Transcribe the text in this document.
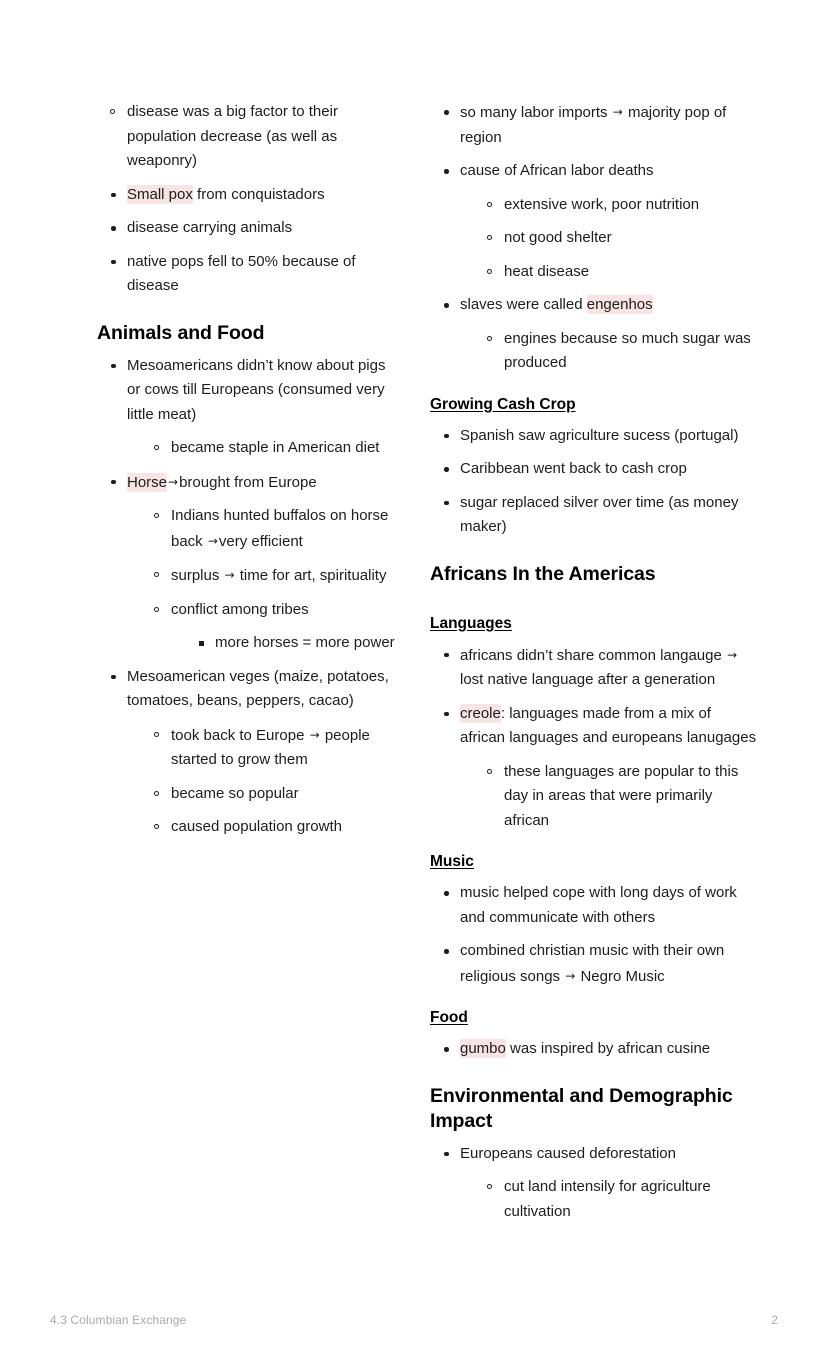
disease was a big factor to their population decrease (as well as weaponry)
Small pox from conquistadors
disease carrying animals
native pops fell to 50% because of disease
Animals and Food
Mesoamericans didn’t know about pigs or cows till Europeans (consumed very little meat)
became staple in American diet
Horse→brought from Europe
Indians hunted buffalos on horse back →very efficient
surplus → time for art, spirituality
conflict among tribes
more horses = more power
Mesoamerican veges (maize, potatoes, tomatoes, beans, peppers, cacao)
took back to Europe → people started to grow them
became so popular
caused population growth
so many labor imports → majority pop of region
cause of African labor deaths
extensive work, poor nutrition
not good shelter
heat disease
slaves were called engenhos
engines because so much sugar was produced
Growing Cash Crop
Spanish saw agriculture sucess (portugal)
Caribbean went back to cash crop
sugar replaced silver over time (as money maker)
Africans In the Americas
Languages
africans didn’t share common langauge → lost native language after a generation
creole: languages made from a mix of african languages and europeans lanugages
these languages are popular to this day in areas that were primarily african
Music
music helped cope with long days of work and communicate with others
combined christian music with their own religious songs → Negro Music
Food
gumbo was inspired by african cusine
Environmental and Demographic Impact
Europeans caused deforestation
cut land intensily for agriculture cultivation
4.3 Columbian Exchange	2
